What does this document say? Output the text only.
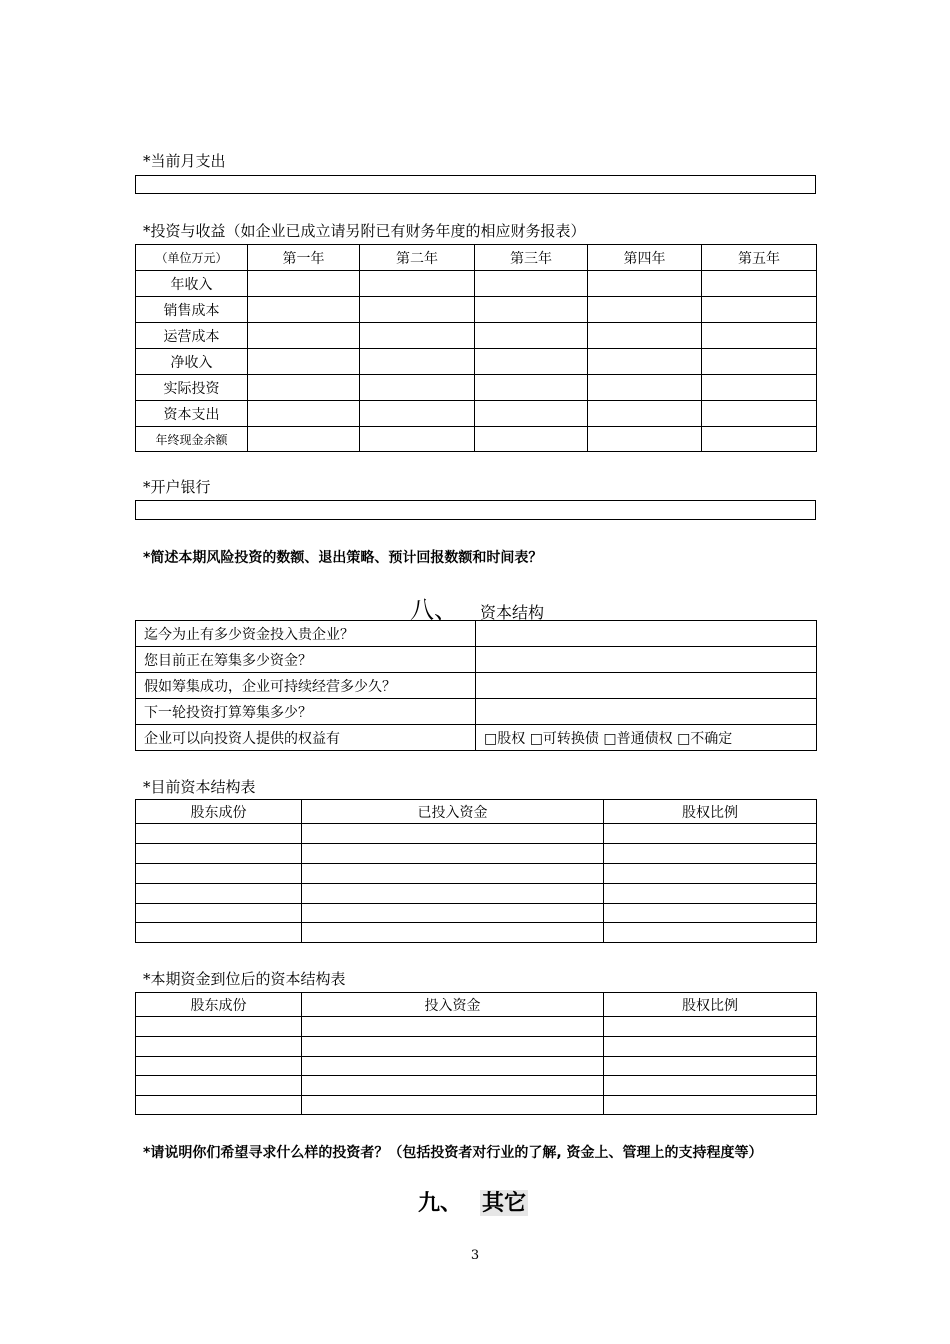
*当前月支出
*投资与收益（如企业已成立请另附已有财务年度的相应财务报表）
（单位万元）	第一年	第二年	第三年	第四年	第五年
年收入					
销售成本					
运营成本					
净收入					
实际投资					
资本支出					
年终现金余额					
*开户银行
*简述本期风险投资的数额、退出策略、预计回报数额和时间表？
八、 资本结构
迄今为止有多少资金投入贵企业？	
您目前正在筹集多少资金？	
假如筹集成功，企业可持续经营多少久？	
下一轮投资打算筹集多少？	
企业可以向投资人提供的权益有	□股权 □可转换债 □普通债权 □不确定
*目前资本结构表
股东成份	已投入资金	股权比例

*本期资金到位后的资本结构表
股东成份	投入资金	股权比例

*请说明你们希望寻求什么样的投资者？（包括投资者对行业的了解, 资金上、管理上的支持程度等）
九、 其它
3
